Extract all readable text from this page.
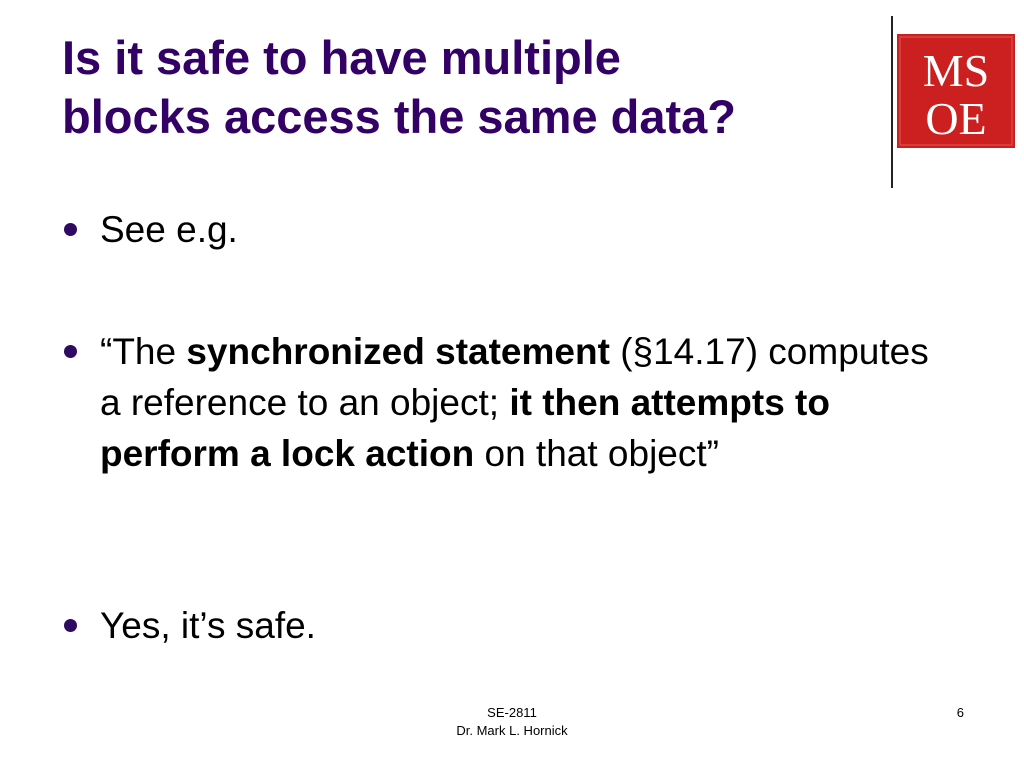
Is it safe to have multiple
blocks access the same data?
MS
OE
See e.g.
“The synchronized statement (§14.17) computes a reference to an object; it then attempts to perform a lock action on that object”
Yes, it’s safe.
SE-2811
Dr. Mark L. Hornick
6
